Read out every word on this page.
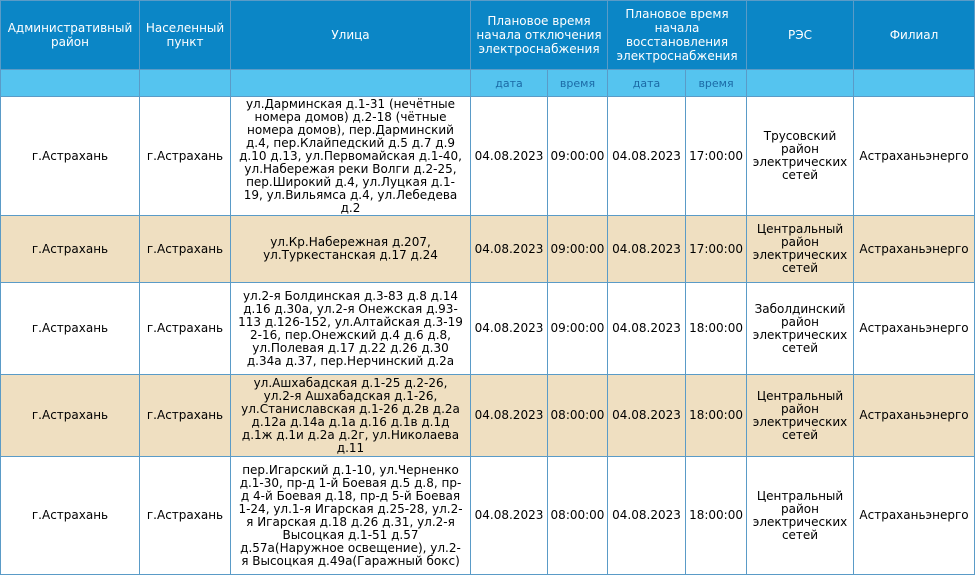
Административный район	Населенный пункт	Улица	Плановое время начала отключения электроснабжения		Плановое время начала восстановления электроснабжения		РЭС	Филиал
			дата	время	дата	время		
г.Астрахань	г.Астрахань	ул.Дарминская д.1-31 (нечётные номера домов) д.2-18 (чётные номера домов), пер.Дарминский д.4, пер.Клайпедский д.5 д.7 д.9 д.10 д.13, ул.Первомайская д.1-40, ул.Набережая реки Волги д.2-25, пер.Широкий д.4, ул.Луцкая д.1-19, ул.Вильямса д.4, ул.Лебедева д.2	04.08.2023	09:00:00	04.08.2023	17:00:00	Трусовский район электрических сетей	Астраханьэнерго
г.Астрахань	г.Астрахань	ул.Кр.Набережная д.207, ул.Туркестанская д.17 д.24	04.08.2023	09:00:00	04.08.2023	17:00:00	Центральный район электрических сетей	Астраханьэнерго
г.Астрахань	г.Астрахань	ул.2-я Болдинская д.3-83 д.8 д.14 д.16 д.30а, ул.2-я Онежская д.93-113 д.126-152, ул.Алтайская д.3-19 2-16, пер.Онежский д.4 д.6 д.8, ул.Полевая д.17 д.22 д.26 д.30 д.34а д.37, пер.Нерчинский д.2а	04.08.2023	09:00:00	04.08.2023	18:00:00	Заболдинский район электрических сетей	Астраханьэнерго
г.Астрахань	г.Астрахань	ул.Ашхабадская д.1-25 д.2-26, ул.2-я Ашхабадская д.1-26, ул.Станиславская д.1-26 д.2в д.2а д.12а д.14а д.1а д.16 д.1в д.1д д.1ж д.1и д.2а д.2г, ул.Николаева д.11	04.08.2023	08:00:00	04.08.2023	18:00:00	Центральный район электрических сетей	Астраханьэнерго
г.Астрахань	г.Астрахань	пер.Игарский д.1-10, ул.Черненко д.1-30, пр-д 1-й Боевая д.5 д.8, пр-д 4-й Боевая д.18, пр-д 5-й Боевая 1-24, ул.1-я Игарская д.25-28, ул.2-я Игарская д.18 д.26 д.31, ул.2-я Высоцкая д.1-51 д.57 д.57а(Наружное освещение), ул.2-я Высоцкая д.49а(Гаражный бокс)	04.08.2023	08:00:00	04.08.2023	18:00:00	Центральный район электрических сетей	Астраханьэнерго
